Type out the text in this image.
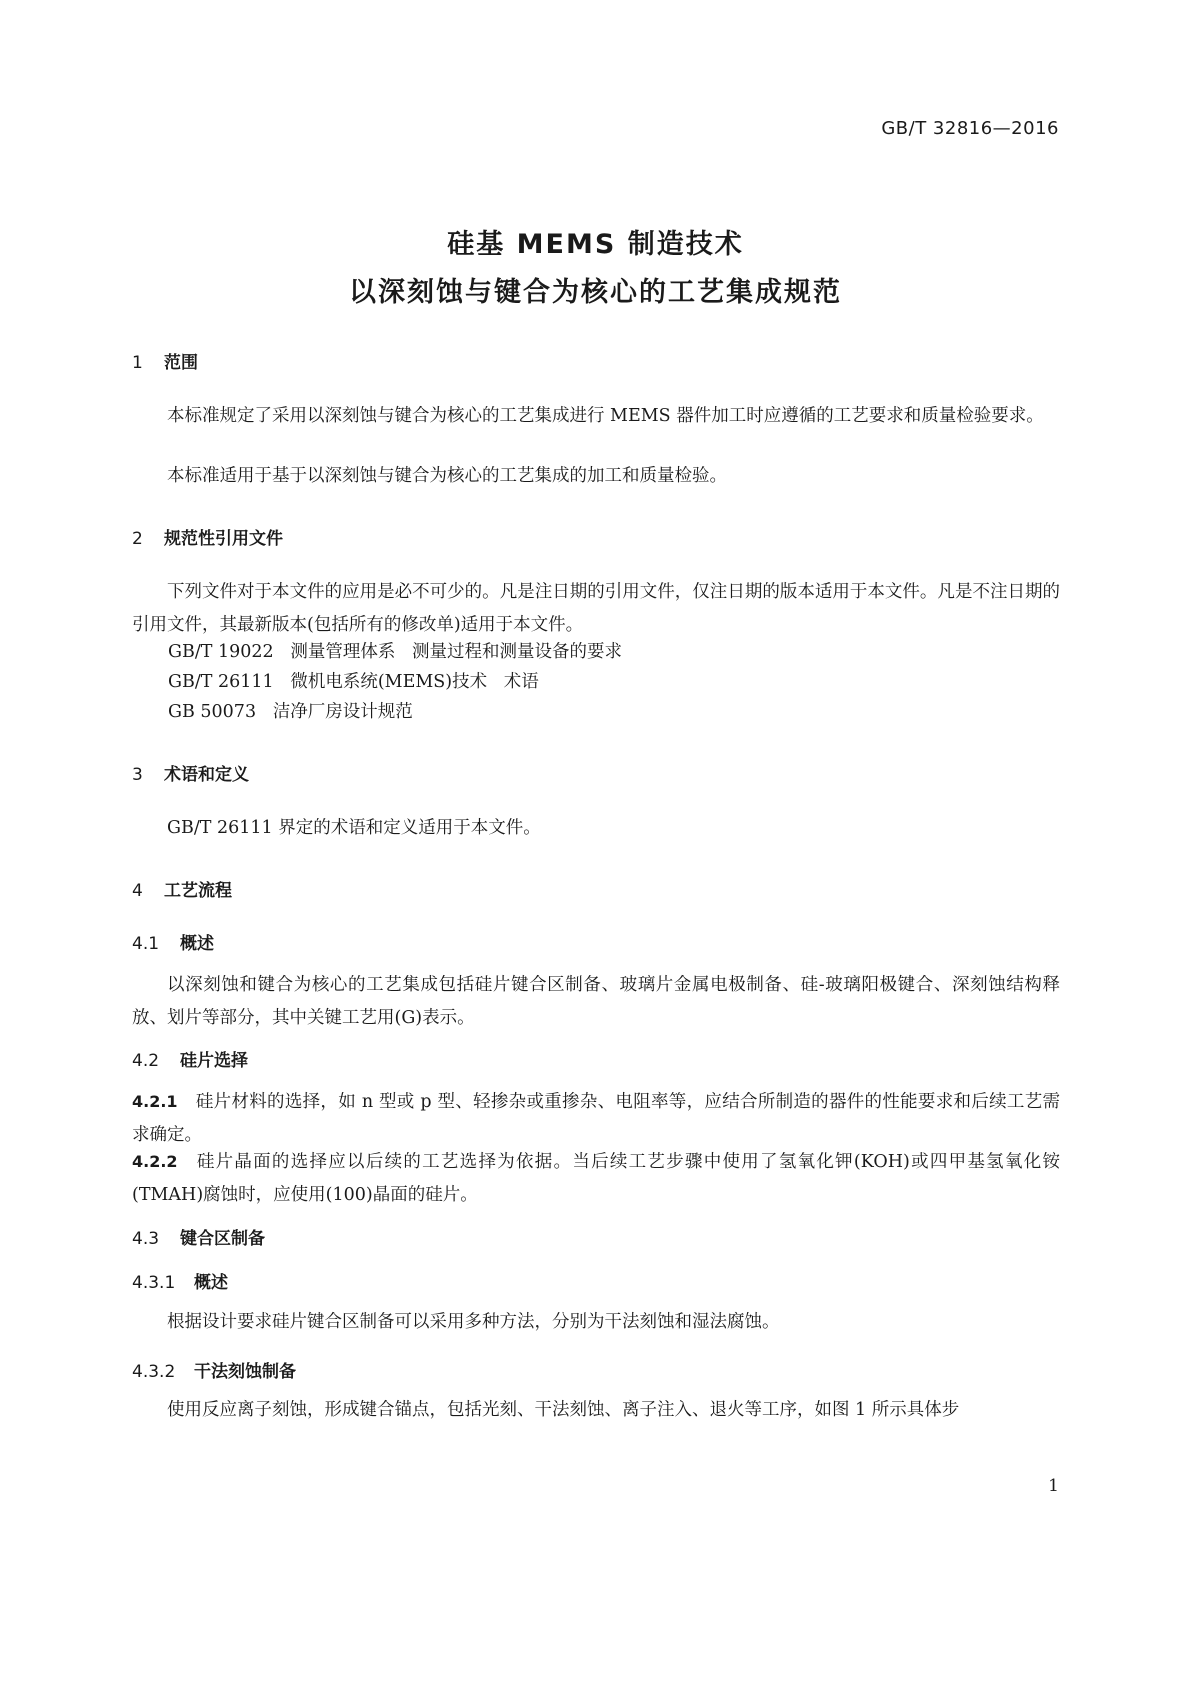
GB/T 32816—2016
硅基 MEMS 制造技术
以深刻蚀与键合为核心的工艺集成规范
1 范围
本标准规定了采用以深刻蚀与键合为核心的工艺集成进行 MEMS 器件加工时应遵循的工艺要求和质量检验要求。
本标准适用于基于以深刻蚀与键合为核心的工艺集成的加工和质量检验。
2 规范性引用文件
下列文件对于本文件的应用是必不可少的。凡是注日期的引用文件，仅注日期的版本适用于本文件。凡是不注日期的引用文件，其最新版本(包括所有的修改单)适用于本文件。
GB/T 19022   测量管理体系   测量过程和测量设备的要求
GB/T 26111   微机电系统(MEMS)技术   术语
GB 50073   洁净厂房设计规范
3 术语和定义
GB/T 26111 界定的术语和定义适用于本文件。
4 工艺流程
4.1 概述
以深刻蚀和键合为核心的工艺集成包括硅片键合区制备、玻璃片金属电极制备、硅-玻璃阳极键合、深刻蚀结构释放、划片等部分，其中关键工艺用(G)表示。
4.2 硅片选择
4.2.1 硅片材料的选择，如 n 型或 p 型、轻掺杂或重掺杂、电阻率等，应结合所制造的器件的性能要求和后续工艺需求确定。
4.2.2 硅片晶面的选择应以后续的工艺选择为依据。当后续工艺步骤中使用了氢氧化钾(KOH)或四甲基氢氧化铵(TMAH)腐蚀时，应使用(100)晶面的硅片。
4.3 键合区制备
4.3.1 概述
根据设计要求硅片键合区制备可以采用多种方法，分别为干法刻蚀和湿法腐蚀。
4.3.2 干法刻蚀制备
使用反应离子刻蚀，形成键合锚点，包括光刻、干法刻蚀、离子注入、退火等工序，如图 1 所示具体步
1
